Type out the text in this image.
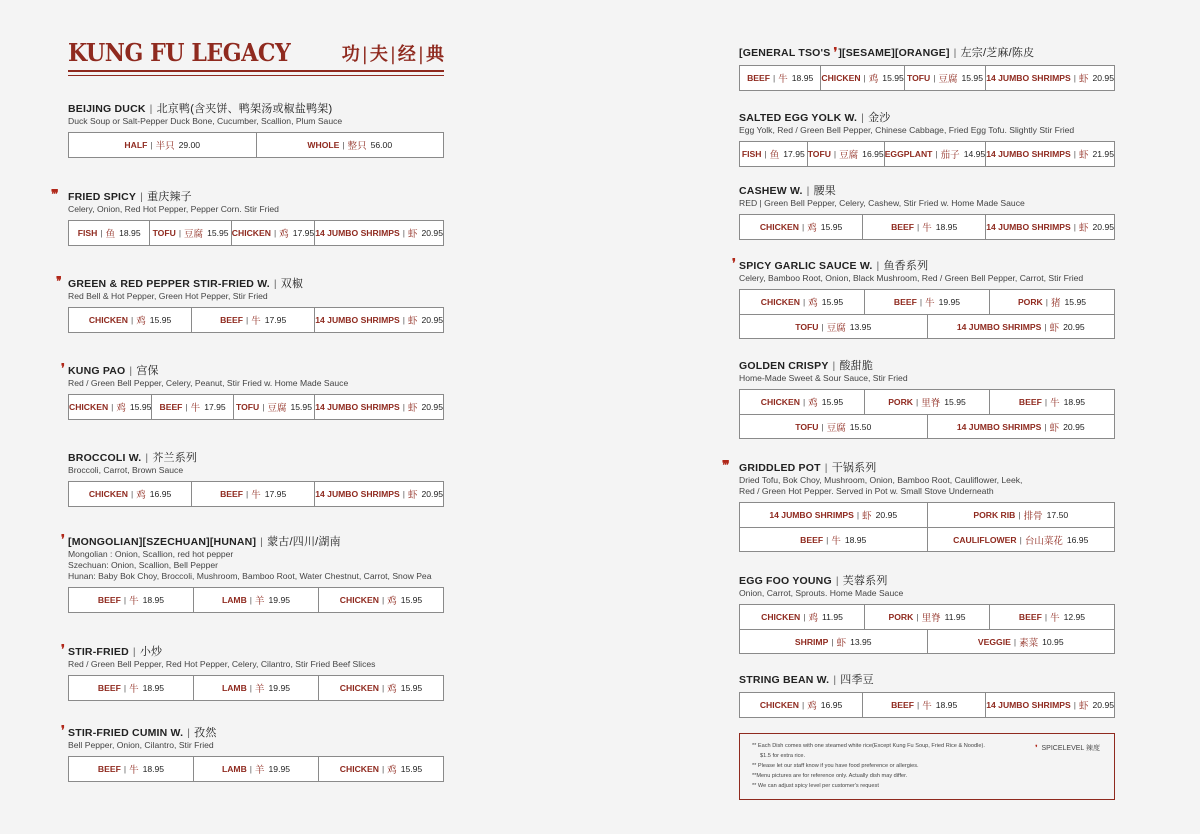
KUNG FU LEGACY	功 | 夫 | 经 | 典
BEIJING DUCK | 北京鸭(含夹饼、鸭架汤或椒盐鸭架)
Duck Soup or Salt-Pepper Duck Bone, Cucumber, Scallion, Plum Sauce
HALF | 半只 29.00	WHOLE | 整只 56.00
❜❜❜ FRIED SPICY | 重庆辣子
Celery, Onion, Red Hot Pepper, Pepper Corn. Stir Fried
FISH | 鱼 18.95 TOFU | 豆腐 15.95 CHICKEN | 鸡 17.95 14 JUMBO SHRIMPS | 虾 20.95
❜❜ GREEN & RED PEPPER STIR-FRIED W. | 双椒
Red Bell & Hot Pepper, Green Hot Pepper, Stir Fried
CHICKEN | 鸡 15.95	BEEF | 牛 17.95	14 JUMBO SHRIMPS | 虾 20.95
❜ KUNG PAO | 宫保
Red / Green Bell Pepper, Celery, Peanut, Stir Fried w. Home Made Sauce
CHICKEN | 鸡 15.95 BEEF | 牛 17.95 TOFU | 豆腐 15.95 14 JUMBO SHRIMPS | 虾 20.95
BROCCOLI W. | 芥兰系列
Broccoli, Carrot, Brown Sauce
CHICKEN | 鸡 16.95	BEEF | 牛 17.95	14 JUMBO SHRIMPS | 虾 20.95
❜ [MONGOLIAN][SZECHUAN][HUNAN] | 蒙古/四川/湖南
Mongolian : Onion, Scallion, red hot pepper
Szechuan: Onion, Scallion, Bell Pepper
Hunan: Baby Bok Choy, Broccoli, Mushroom, Bamboo Root, Water Chestnut, Carrot, Snow Pea
BEEF | 牛 18.95	LAMB | 羊 19.95	CHICKEN | 鸡 15.95
❜ STIR-FRIED | 小炒
Red / Green Bell Pepper, Red Hot Pepper, Celery, Cilantro, Stir Fried Beef Slices
BEEF | 牛 18.95	LAMB | 羊 19.95	CHICKEN | 鸡 15.95
❜ STIR-FRIED CUMIN W. | 孜然
Bell Pepper, Onion, Cilantro, Stir Fried
BEEF | 牛 18.95	LAMB | 羊 19.95	CHICKEN | 鸡 15.95
[GENERAL TSO'S ❜ ][SESAME][ORANGE] | 左宗/芝麻/陈皮
BEEF | 牛 18.95 CHICKEN | 鸡 15.95 TOFU | 豆腐 15.95 14 JUMBO SHRIMPS | 虾 20.95
SALTED EGG YOLK W. | 金沙
Egg Yolk, Red / Green Bell Pepper, Chinese Cabbage, Fried Egg Tofu. Slightly Stir Fried
FISH | 鱼 17.95 TOFU | 豆腐 16.95 EGGPLANT | 茄子 14.95 14 JUMBO SHRIMPS | 虾 21.95
CASHEW W. | 腰果
RED | Green Bell Pepper, Celery, Cashew, Stir Fried w. Home Made Sauce
CHICKEN | 鸡 15.95	BEEF | 牛 18.95	14 JUMBO SHRIMPS | 虾 20.95
❜ SPICY GARLIC SAUCE W. | 鱼香系列
Celery, Bamboo Root, Onion, Black Mushroom, Red / Green Bell Pepper, Carrot, Stir Fried
CHICKEN | 鸡 15.95	BEEF | 牛 19.95	PORK | 猪 15.95
TOFU | 豆腐 13.95	14 JUMBO SHRIMPS | 虾 20.95
GOLDEN CRISPY | 酸甜脆
Home-Made Sweet & Sour Sauce, Stir Fried
CHICKEN | 鸡 15.95	PORK | 里脊 15.95	BEEF | 牛 18.95
TOFU | 豆腐 15.50	14 JUMBO SHRIMPS | 虾 20.95
❜❜❜ GRIDDLED POT | 干锅系列
Dried Tofu, Bok Choy, Mushroom, Onion, Bamboo Root, Cauliflower, Leek,
Red / Green Hot Pepper. Served in Pot w. Small Stove Underneath
14 JUMBO SHRIMPS | 虾 20.95	PORK RIB | 排骨 17.50
BEEF | 牛 18.95	CAULIFLOWER | 台山菜花 16.95
EGG FOO YOUNG | 芙蓉系列
Onion, Carrot, Sprouts. Home Made Sauce
CHICKEN | 鸡 11.95	PORK | 里脊 11.95	BEEF | 牛 12.95
SHRIMP | 虾 13.95	VEGGIE | 素菜 10.95
STRING BEAN W. | 四季豆
CHICKEN | 鸡 16.95	BEEF | 牛 18.95	14 JUMBO SHRIMPS | 虾 20.95
** Each Dish comes with one steamed white rice(Except Kung Fu Soup, Fried Rice & Noodle).
$1.5 for extra rice.
** Please let our staff know if you have food preference or allergies.
**Menu pictures are for reference only. Actually dish may differ.
** We can adjust spicy level per customer's request
❜ SPICELEVEL 辣度
